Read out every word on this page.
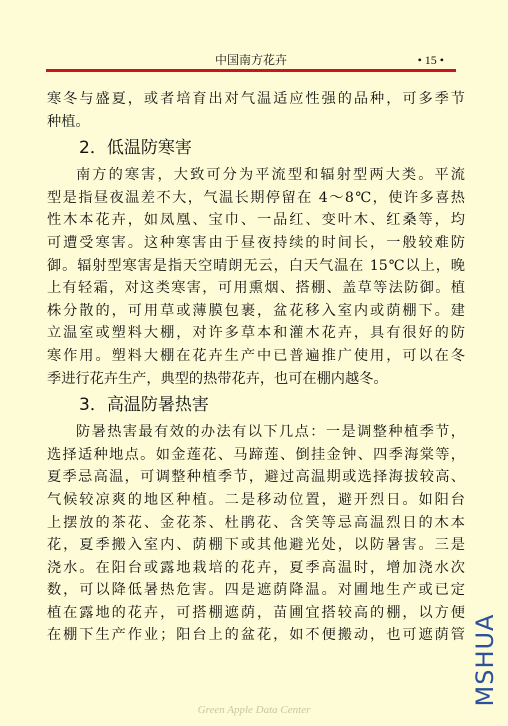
中国南方花卉	• 15 •
寒冬与盛夏，或者培育出对气温适应性强的品种，可多季节
种植。
2．低温防寒害
南方的寒害，大致可分为平流型和辐射型两大类。平流
型是指昼夜温差不大，气温长期停留在 4～8℃，使许多喜热
性木本花卉，如凤凰、宝巾、一品红、变叶木、红桑等，均
可遭受寒害。这种寒害由于昼夜持续的时间长，一般较难防
御。辐射型寒害是指天空晴朗无云，白天气温在 15℃以上，晚
上有轻霜，对这类寒害，可用熏烟、搭棚、盖草等法防御。植
株分散的，可用草或薄膜包裹，盆花移入室内或荫棚下。建
立温室或塑料大棚，对许多草本和灌木花卉，具有很好的防
寒作用。塑料大棚在花卉生产中已普遍推广使用，可以在冬
季进行花卉生产，典型的热带花卉，也可在棚内越冬。
3．高温防暑热害
防暑热害最有效的办法有以下几点：一是调整种植季节，
选择适种地点。如金莲花、马蹄莲、倒挂金钟、四季海棠等，
夏季忌高温，可调整种植季节，避过高温期或选择海拔较高、
气候较凉爽的地区种植。二是移动位置，避开烈日。如阳台
上摆放的茶花、金花茶、杜鹃花、含笑等忌高温烈日的木本
花，夏季搬入室内、荫棚下或其他避光处，以防暑害。三是
浇水。在阳台或露地栽培的花卉，夏季高温时，增加浇水次
数，可以降低暑热危害。四是遮荫降温。对圃地生产或已定
植在露地的花卉，可搭棚遮荫，苗圃宜搭较高的棚，以方便
在棚下生产作业；阳台上的盆花，如不便搬动，也可遮荫管 MSHUA
Green Apple Data Center
